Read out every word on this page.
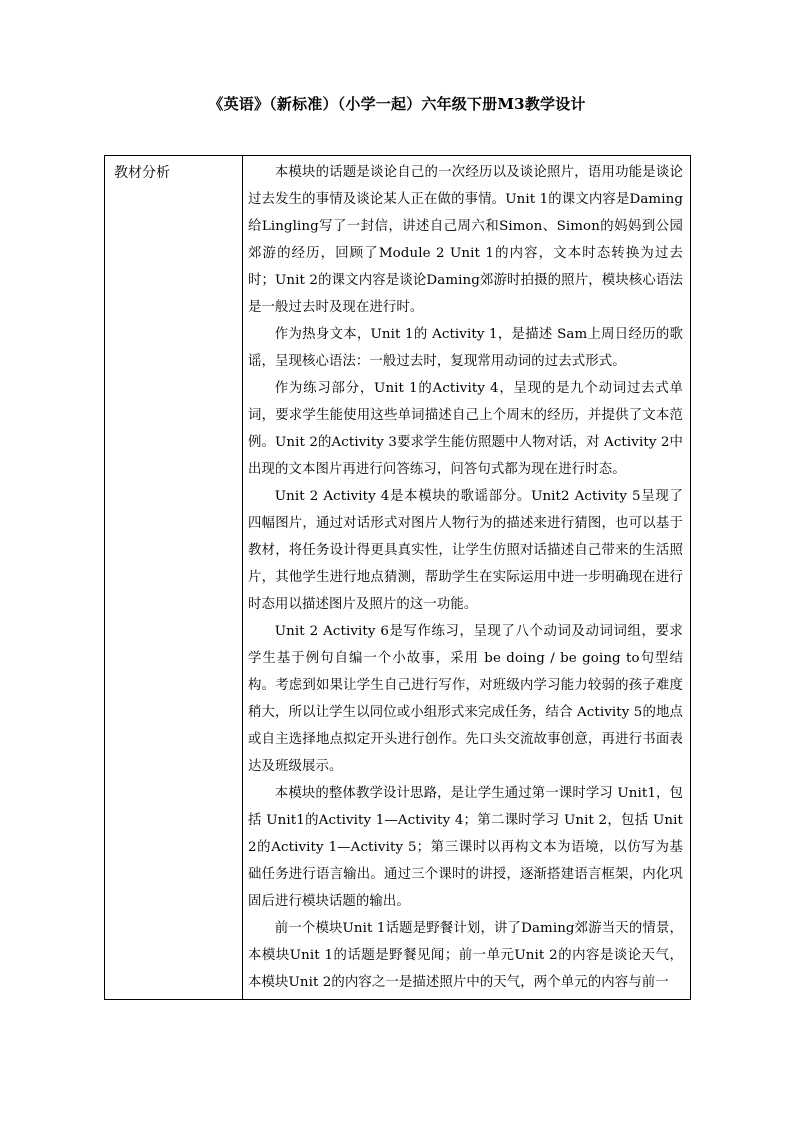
《英语》（新标准）（小学一起）六年级下册M3教学设计
教材分析	本模块的话题是谈论自己的一次经历以及谈论照片，语用功能是谈论过去发生的事情及谈论某人正在做的事情。Unit 1的课文内容是Daming给Lingling写了一封信，讲述自己周六和Simon、Simon的妈妈到公园郊游的经历，回顾了Module 2 Unit 1的内容，文本时态转换为过去时；Unit 2的课文内容是谈论Daming郊游时拍摄的照片，模块核心语法是一般过去时及现在进行时。

作为热身文本，Unit 1的 Activity 1，是描述 Sam上周日经历的歌谣，呈现核心语法：一般过去时，复现常用动词的过去式形式。

作为练习部分，Unit 1的Activity 4，呈现的是九个动词过去式单词，要求学生能使用这些单词描述自己上个周末的经历，并提供了文本范例。Unit 2的Activity 3要求学生能仿照题中人物对话，对 Activity 2中出现的文本图片再进行问答练习，问答句式都为现在进行时态。

Unit 2 Activity 4是本模块的歌谣部分。Unit2 Activity 5呈现了四幅图片，通过对话形式对图片人物行为的描述来进行猜图，也可以基于教材，将任务设计得更具真实性，让学生仿照对话描述自己带来的生活照片，其他学生进行地点猜测，帮助学生在实际运用中进一步明确现在进行时态用以描述图片及照片的这一功能。

Unit 2 Activity 6是写作练习，呈现了八个动词及动词词组，要求学生基于例句自编一个小故事，采用 be doing / be going to句型结构。考虑到如果让学生自己进行写作，对班级内学习能力较弱的孩子难度稍大，所以让学生以同位或小组形式来完成任务，结合 Activity 5的地点或自主选择地点拟定开头进行创作。先口头交流故事创意，再进行书面表达及班级展示。

本模块的整体教学设计思路，是让学生通过第一课时学习 Unit1，包括 Unit1的Activity 1—Activity 4；第二课时学习 Unit 2，包括 Unit 2的Activity 1—Activity 5；第三课时以再构文本为语境，以仿写为基础任务进行语言输出。通过三个课时的讲授，逐渐搭建语言框架，内化巩固后进行模块话题的输出。

前一个模块Unit 1话题是野餐计划，讲了Daming郊游当天的情景，本模块Unit 1的话题是野餐见闻；前一单元Unit 2的内容是谈论天气，本模块Unit 2的内容之一是描述照片中的天气，两个单元的内容与前一
